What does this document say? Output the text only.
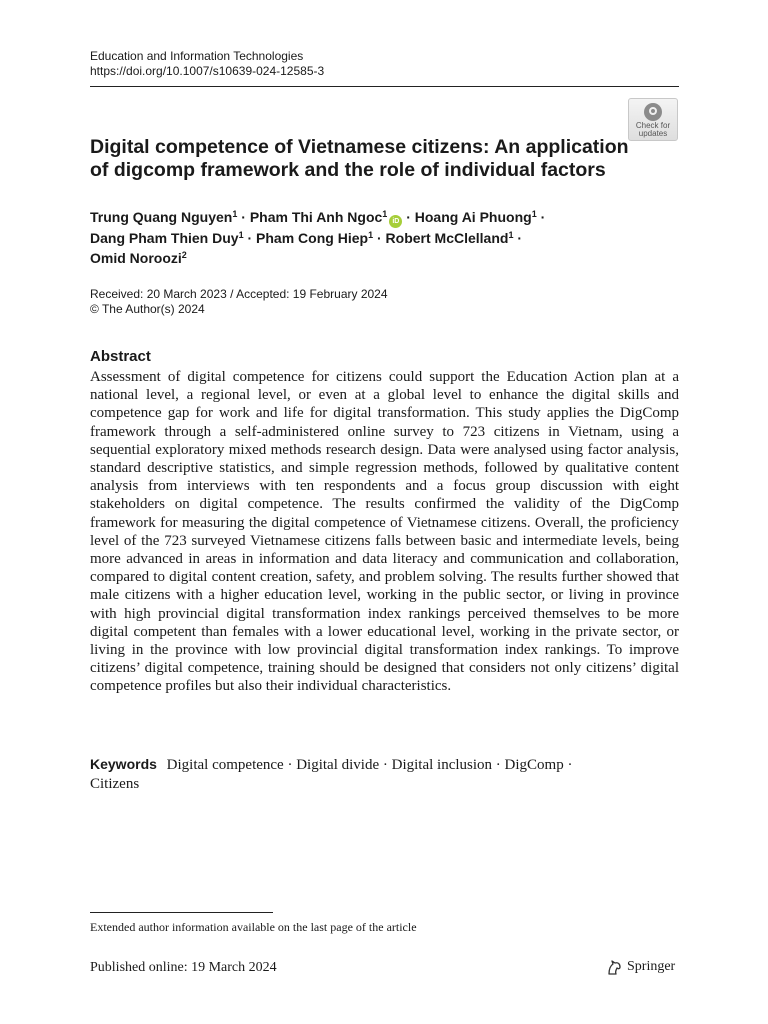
Education and Information Technologies
https://doi.org/10.1007/s10639-024-12585-3
Check for updates
Digital competence of Vietnamese citizens: An application of digcomp framework and the role of individual factors
Trung Quang Nguyen$^1$ · Pham Thi Anh Ngoc$^1$iD · Hoang Ai Phuong$^1$ ·
Dang Pham Thien Duy$^1$ · Pham Cong Hiep$^1$ · Robert McClelland$^1$ ·
Omid Noroozi$^2$
Received: 20 March 2023 / Accepted: 19 February 2024
© The Author(s) 2024
Abstract

Assessment of digital competence for citizens could support the Education Action plan at a national level, a regional level, or even at a global level to enhance the digital skills and competence gap for work and life for digital transformation. This study applies the DigComp framework through a self-administered online survey to 723 citizens in Vietnam, using a sequential exploratory mixed methods research design. Data were analysed using factor analysis, standard descriptive statistics, and simple regression methods, followed by qualitative content analysis from interviews with ten respondents and a focus group discussion with eight stakeholders on digital competence. The results confirmed the validity of the DigComp framework for measuring the digital competence of Vietnamese citizens. Overall, the proficiency level of the 723 surveyed Vietnamese citizens falls between basic and intermediate levels, being more advanced in areas in information and data literacy and communication and collaboration, compared to digital content creation, safety, and problem solving. The results further showed that male citizens with a higher education level, working in the public sector, or living in province with high provincial digital transformation index rankings perceived themselves to be more digital competent than females with a lower educational level, working in the private sector, or living in the province with low provincial digital transformation index rankings. To improve citizens’ digital competence, training should be designed that considers not only citizens’ digital competence profiles but also their individual characteristics.

Keywords Digital competence · Digital divide · Digital inclusion · DigComp ·
Citizens
Extended author information available on the last page of the article
Published online: 19 March 2024	Springer
